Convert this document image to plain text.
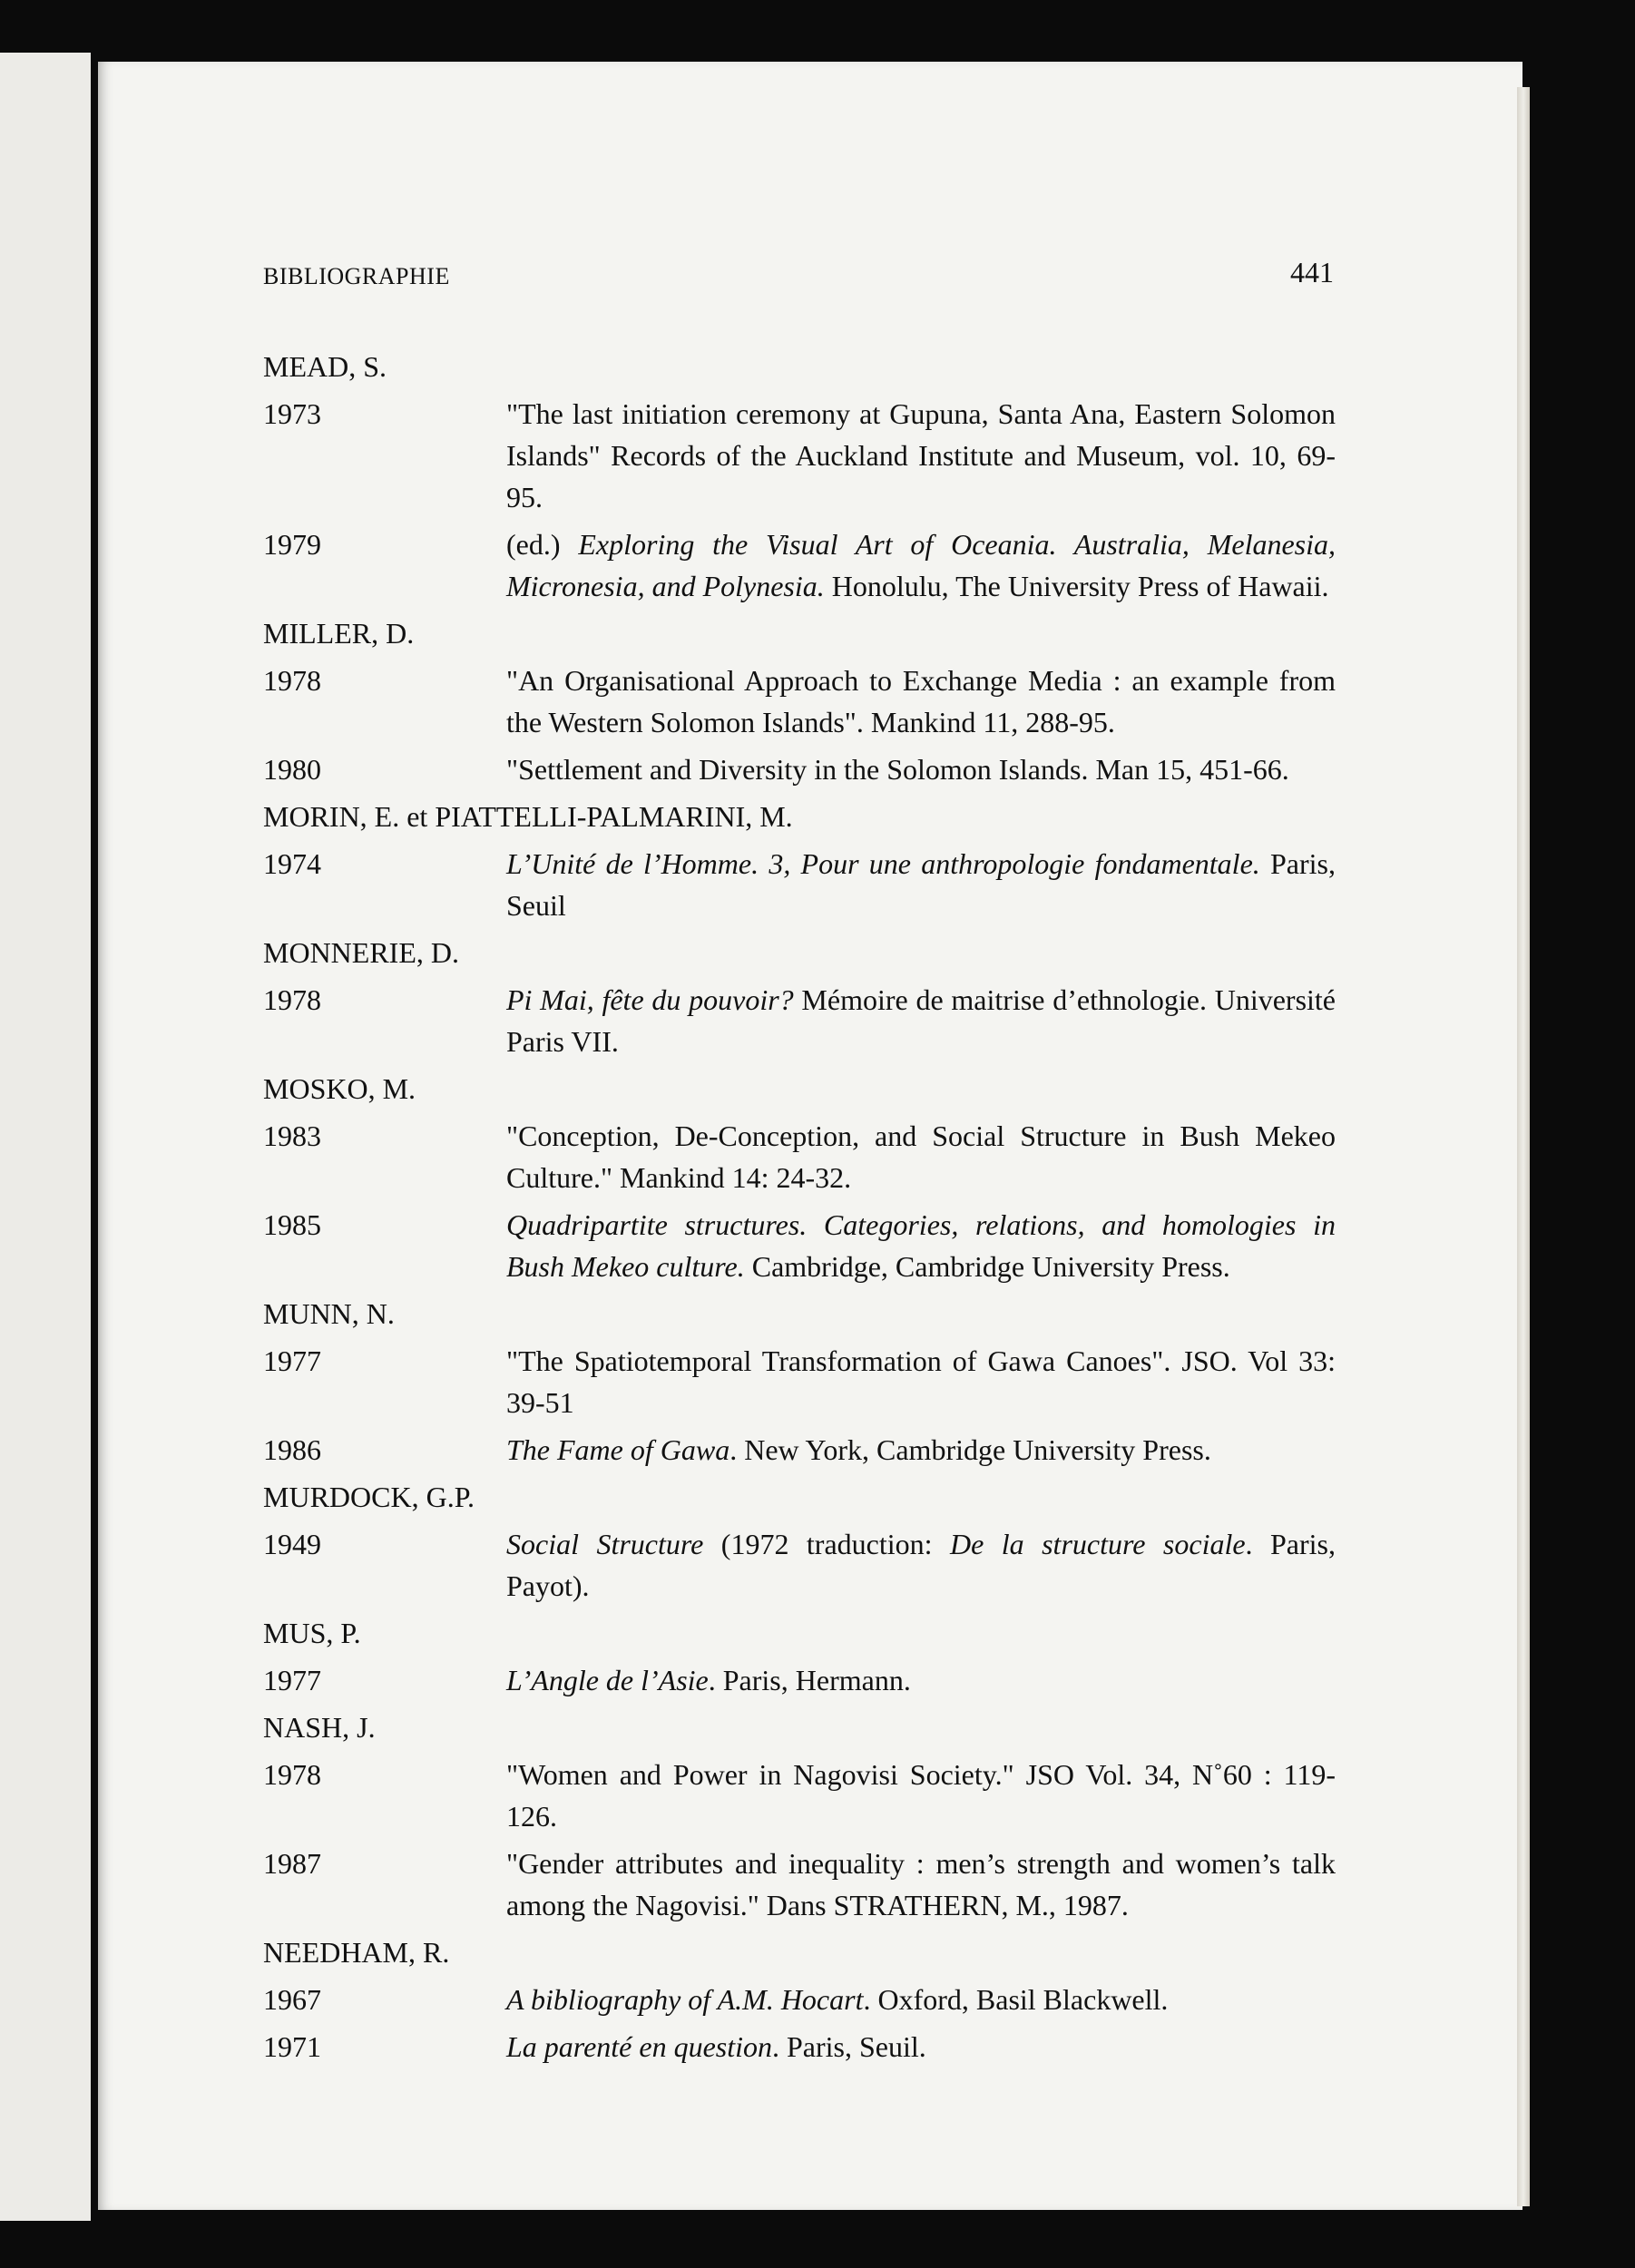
BIBLIOGRAPHIE	441
MEAD, S.
1973	"The last initiation ceremony at Gupuna, Santa Ana, Eastern Solomon Islands" Records of the Auckland Institute and Museum, vol. 10, 69-95.
1979	(ed.) Exploring the Visual Art of Oceania. Australia, Melanesia, Micronesia, and Polynesia. Honolulu, The University Press of Hawaii.
MILLER, D.
1978	"An Organisational Approach to Exchange Media : an example from the Western Solomon Islands". Mankind 11, 288-95.
1980	"Settlement and Diversity in the Solomon Islands. Man 15, 451-66.
MORIN, E. et PIATTELLI-PALMARINI, M.
1974	L’Unité de l’Homme. 3, Pour une anthropologie fondamentale. Paris, Seuil
MONNERIE, D.
1978	Pi Mai, fête du pouvoir? Mémoire de maitrise d’ethnologie. Université Paris VII.
MOSKO, M.
1983	"Conception, De-Conception, and Social Structure in Bush Mekeo Culture." Mankind 14: 24-32.
1985	Quadripartite structures. Categories, relations, and homologies in Bush Mekeo culture. Cambridge, Cambridge University Press.
MUNN, N.
1977	"The Spatiotemporal Transformation of Gawa Canoes". JSO. Vol 33: 39-51
1986	The Fame of Gawa. New York, Cambridge University Press.
MURDOCK, G.P.
1949	Social Structure (1972 traduction: De la structure sociale. Paris, Payot).
MUS, P.
1977	L’Angle de l’Asie. Paris, Hermann.
NASH, J.
1978	"Women and Power in Nagovisi Society." JSO Vol. 34, N˚60 : 119-126.
1987	"Gender attributes and inequality : men’s strength and women’s talk among the Nagovisi." Dans STRATHERN, M., 1987.
NEEDHAM, R.
1967	A bibliography of A.M. Hocart. Oxford, Basil Blackwell.
1971	La parenté en question. Paris, Seuil.
